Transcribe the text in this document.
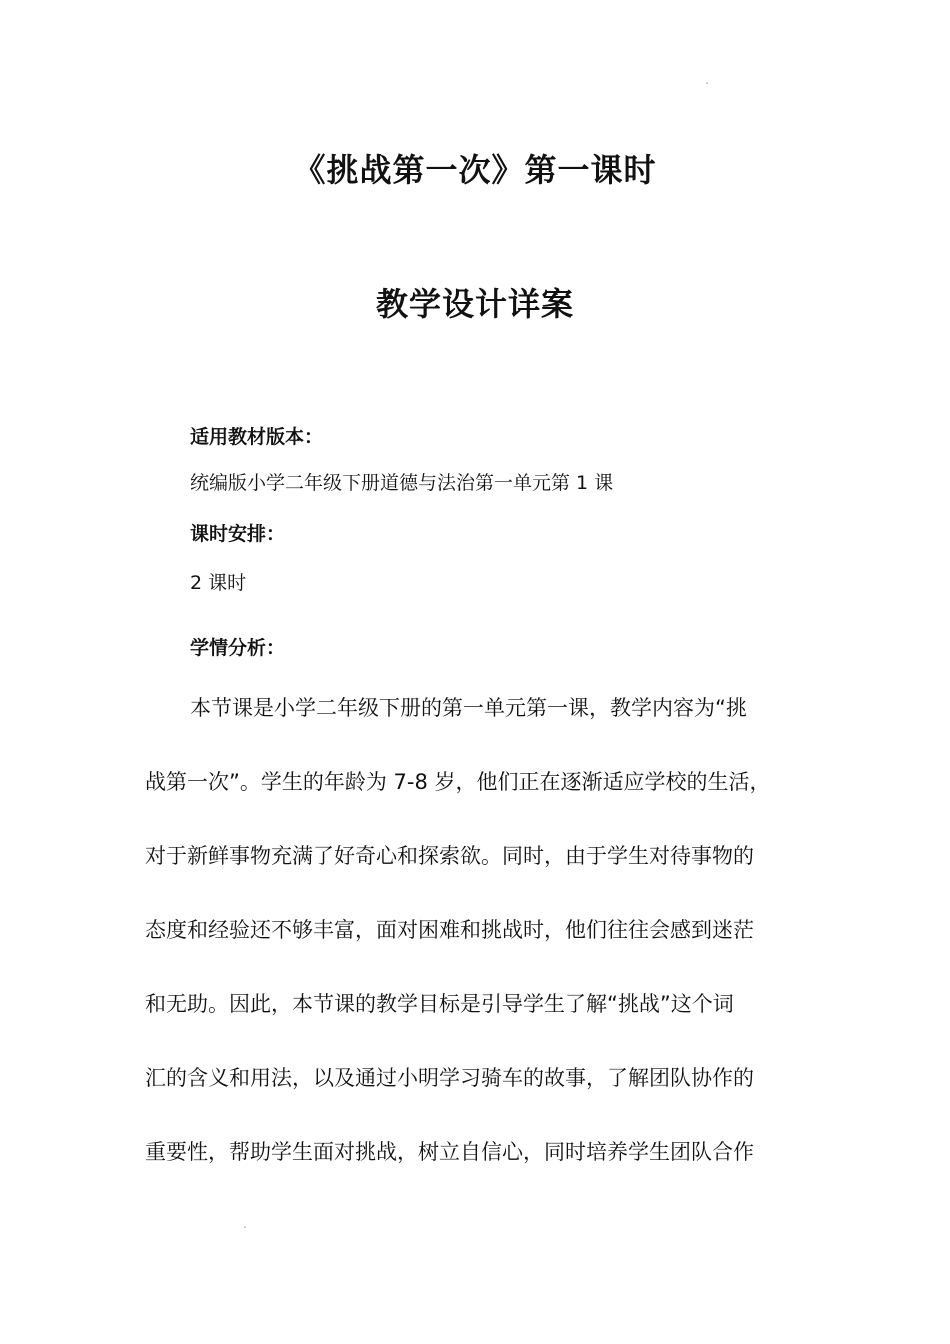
《挑战第一次》第一课时
教学设计详案
适用教材版本：
统编版小学二年级下册道德与法治第一单元第 1 课
课时安排：
2 课时
学情分析：
本节课是小学二年级下册的第一单元第一课，教学内容为“挑
战第一次”。学生的年龄为 7-8 岁，他们正在逐渐适应学校的生活，
对于新鲜事物充满了好奇心和探索欲。同时，由于学生对待事物的
态度和经验还不够丰富，面对困难和挑战时，他们往往会感到迷茫
和无助。因此，本节课的教学目标是引导学生了解“挑战”这个词
汇的含义和用法，以及通过小明学习骑车的故事，了解团队协作的
重要性，帮助学生面对挑战，树立自信心，同时培养学生团队合作
